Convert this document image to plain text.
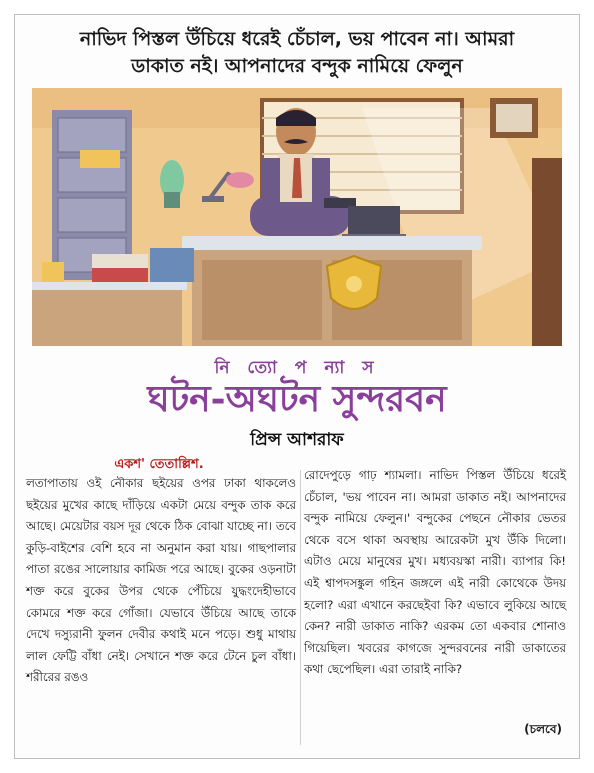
নাভিদ পিস্তল উঁচিয়ে ধরেই চেঁচাল, ভয় পাবেন না। আমরা
ডাকাত নই। আপনাদের বন্দুক নামিয়ে ফেলুন
নি ত্যো প ন্যা স
ঘটন-অঘটন সুন্দরবন
প্রিন্স আশরাফ
একশ' তেতাল্লিশ.

লতাপাতায় ওই নৌকার ছইয়ের ওপর ঢাকা থাকলেও ছইয়ের মুখের কাছে দাঁড়িয়ে একটা মেয়ে বন্দুক তাক করে আছে। মেয়েটার বয়স দূর থেকে ঠিক বোঝা যাচ্ছে না। তবে কুড়ি-বাইশের বেশি হবে না অনুমান করা যায়। গাছপালার পাতা রঙের সালোয়ার কামিজ পরে আছে। বুকের ওড়নাটা শক্ত করে বুকের উপর থেকে পেঁচিয়ে যুদ্ধংদেহীভাবে কোমরে শক্ত করে গোঁজা। যেভাবে উঁচিয়ে আছে তাকে দেখে দস্যুরানী ফুলন দেবীর কথাই মনে পড়ে। শুধু মাথায় লাল ফেট্টি বাঁধা নেই। সেখানে শক্ত করে টেনে চুল বাঁধা। শরীরের রঙও

রোদেপুড়ে গাঢ় শ্যামলা। নাভিদ পিস্তল উঁচিয়ে ধরেই চেঁচাল, 'ভয় পাবেন না। আমরা ডাকাত নই। আপনাদের বন্দুক নামিয়ে ফেলুন।' বন্দুকের পেছনে নৌকার ভেতর থেকে বসে থাকা অবস্থায় আরেকটা মুখ উঁকি দিলো। এটাও মেয়ে মানুষের মুখ। মধ্যবয়স্কা নারী। ব্যাপার কি! এই শ্বাপদসঙ্কুল গহিন জঙ্গলে এই নারী কোথেকে উদয় হলো? এরা এখানে করছেইবা কি? এভাবে লুকিয়ে আছে কেন? নারী ডাকাত নাকি? এরকম তো একবার শোনাও গিয়েছিল। খবরের কাগজে সুন্দরবনের নারী ডাকাতের কথা ছেপেছিল। এরা তারাই নাকি?

(চলবে)
